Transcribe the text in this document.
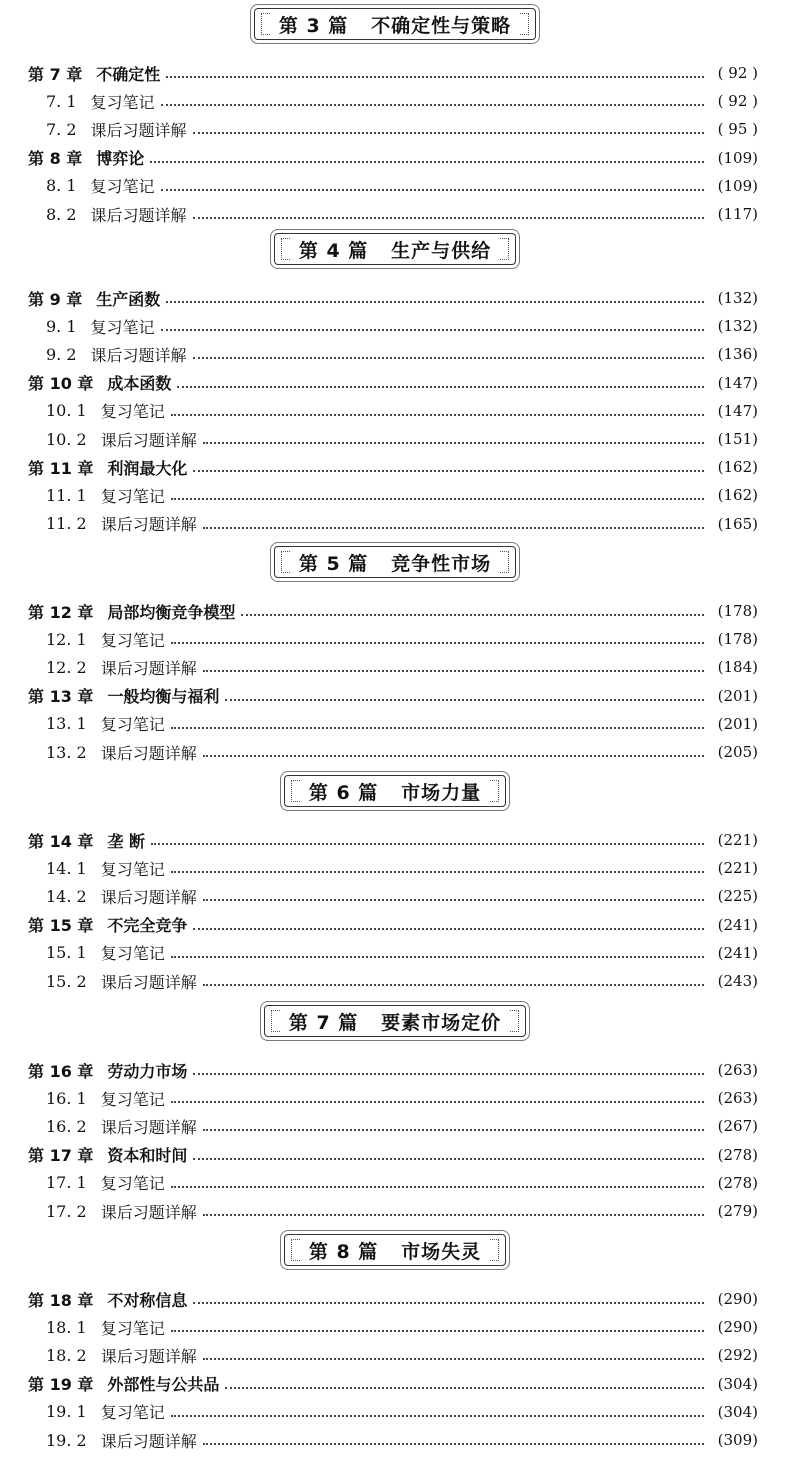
第 3 篇   不确定性与策略
第 7 章 不确定性	( 92 )
7. 1 复习笔记	( 92 )
7. 2 课后习题详解	( 95 )
第 8 章 博弈论	(109)
8. 1 复习笔记	(109)
8. 2 课后习题详解	(117)
第 4 篇   生产与供给
第 9 章 生产函数	(132)
9. 1 复习笔记	(132)
9. 2 课后习题详解	(136)
第 10 章 成本函数	(147)
10. 1 复习笔记	(147)
10. 2 课后习题详解	(151)
第 11 章 利润最大化	(162)
11. 1 复习笔记	(162)
11. 2 课后习题详解	(165)
第 5 篇   竞争性市场
第 12 章 局部均衡竞争模型	(178)
12. 1 复习笔记	(178)
12. 2 课后习题详解	(184)
第 13 章 一般均衡与福利	(201)
13. 1 复习笔记	(201)
13. 2 课后习题详解	(205)
第 6 篇   市场力量
第 14 章 垄 断	(221)
14. 1 复习笔记	(221)
14. 2 课后习题详解	(225)
第 15 章 不完全竞争	(241)
15. 1 复习笔记	(241)
15. 2 课后习题详解	(243)
第 7 篇   要素市场定价
第 16 章 劳动力市场	(263)
16. 1 复习笔记	(263)
16. 2 课后习题详解	(267)
第 17 章 资本和时间	(278)
17. 1 复习笔记	(278)
17. 2 课后习题详解	(279)
第 8 篇   市场失灵
第 18 章 不对称信息	(290)
18. 1 复习笔记	(290)
18. 2 课后习题详解	(292)
第 19 章 外部性与公共品	(304)
19. 1 复习笔记	(304)
19. 2 课后习题详解	(309)
